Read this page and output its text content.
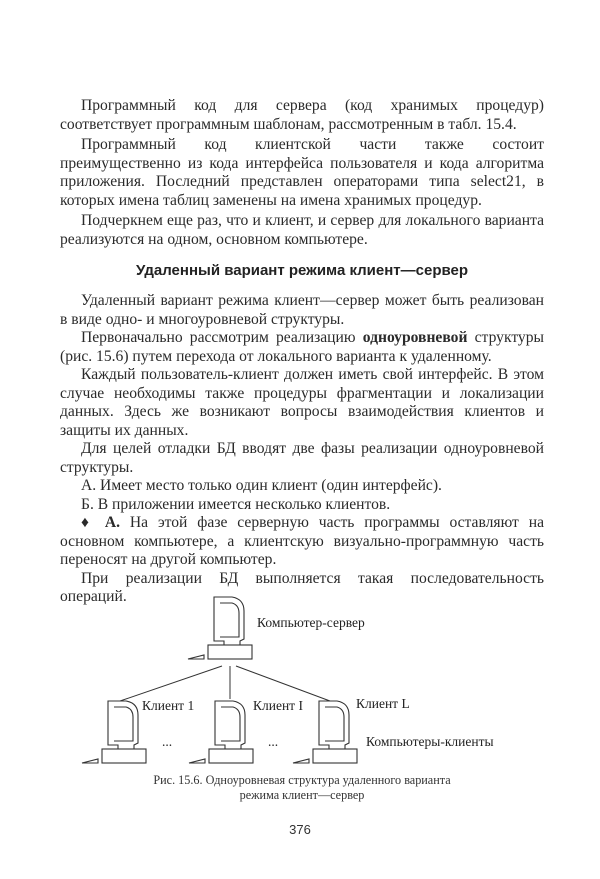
Программный код для сервера (код хранимых процедур) соответствует программным шаблонам, рассмотренным в табл. 15.4.

Программный код клиентской части также состоит преимущественно из кода интерфейса пользователя и кода алгоритма приложения. Последний представлен операторами типа select21, в которых имена таблиц заменены на имена хранимых процедур.

Подчеркнем еще раз, что и клиент, и сервер для локального варианта реализуются на одном, основном компьютере.

Удаленный вариант режима клиент—сервер

Удаленный вариант режима клиент—сервер может быть реализован в виде одно- и многоуровневой структуры.

Первоначально рассмотрим реализацию одноуровневой структуры (рис. 15.6) путем перехода от локального варианта к удаленному.

Каждый пользователь-клиент должен иметь свой интерфейс. В этом случае необходимы также процедуры фрагментации и локализации данных. Здесь же возникают вопросы взаимодействия клиентов и защиты их данных.

Для целей отладки БД вводят две фазы реализации одноуровневой структуры.

А. Имеет место только один клиент (один интерфейс).

Б. В приложении имеется несколько клиентов.

♦ А. На этой фазе серверную часть программы оставляют на основном компьютере, а клиентскую визуально-программную часть переносят на другой компьютер.

При реализации БД выполняется такая последовательность операций.

Компьютер-сервер
Клиент 1	Клиент I	Клиент L
...	...	Компьютеры-клиенты
Рис. 15.6. Одноуровневая структура удаленного варианта
режима клиент—сервер
376
